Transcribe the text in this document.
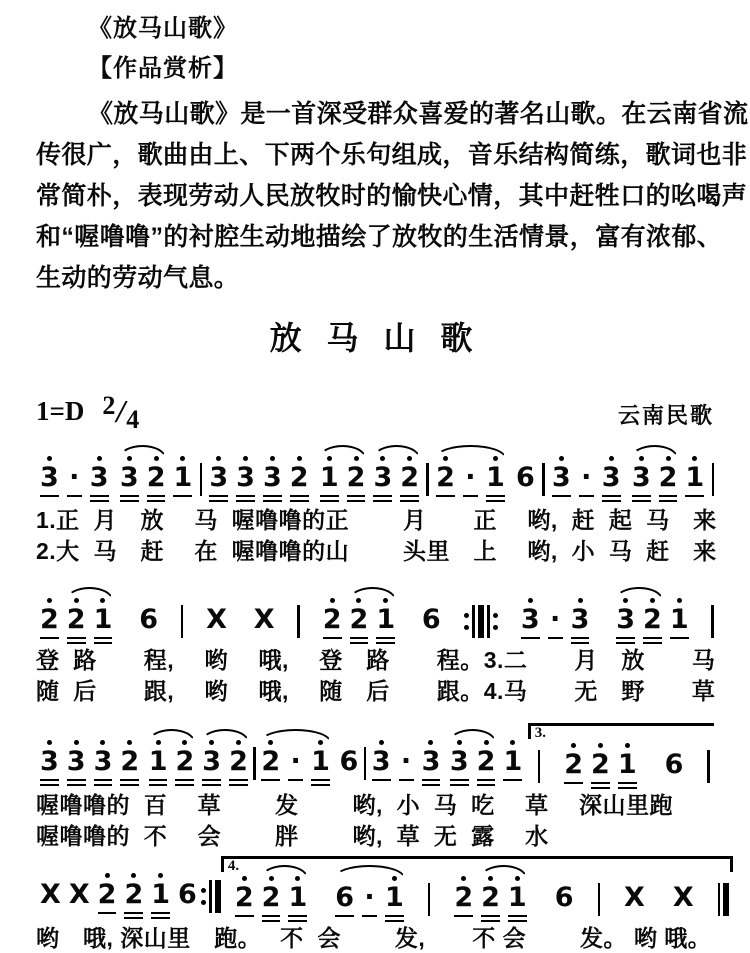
《放马山歌》
【作品赏析】
《放马山歌》是一首深受群众喜爱的著名山歌。在云南省流
传很广，歌曲由上、下两个乐句组成，音乐结构简练，歌词也非
常简朴，表现劳动人民放牧时的愉快心情，其中赶牲口的吆喝声
和“喔噜噜”的衬腔生动地描绘了放牧的生活情景，富有浓郁、
生动的劳动气息。
放 马 山 歌
1=D 2/4	云南民歌
3 · 3 3 2 1 3 3 3 2 1 2 3 2 2 · 1 6 3 · 3 3 2 1
1.正  月　放　 马  喔噜噜的正　　 月　　正　 哟,  赶  起  马　来
2.大  马　赶　 在  喔噜噜的山　　 头里　上　 哟,  小  马  赶　来
2 2 1 6 X X 2 2 1 6	3 · 3 3 2 1
登  路　　程,　 哟　 哦,　 登　路　　程。3.二　　月　放　　马
随  后　　跟,　 哟　 哦,　 随　后　　跟。4.马　　无　野　　草
3 3 3 2 1 2 3 2 2 · 1 6 3 · 3 3 2 1
3.
2 2 1 6
喔噜噜的  百　 草　　 发　　 哟,  小  马  吃　 草　 深山里跑
喔噜噜的  不　 会　　 胖　　 哟,  草  无  露　 水
X X 2 2 1 6
4.
2 2 1 6 · 1 2 2 1 6 X X
哟　哦, 深山里　跑。　 不  会　　 发,　　不 会　　 发。 哟 哦。
